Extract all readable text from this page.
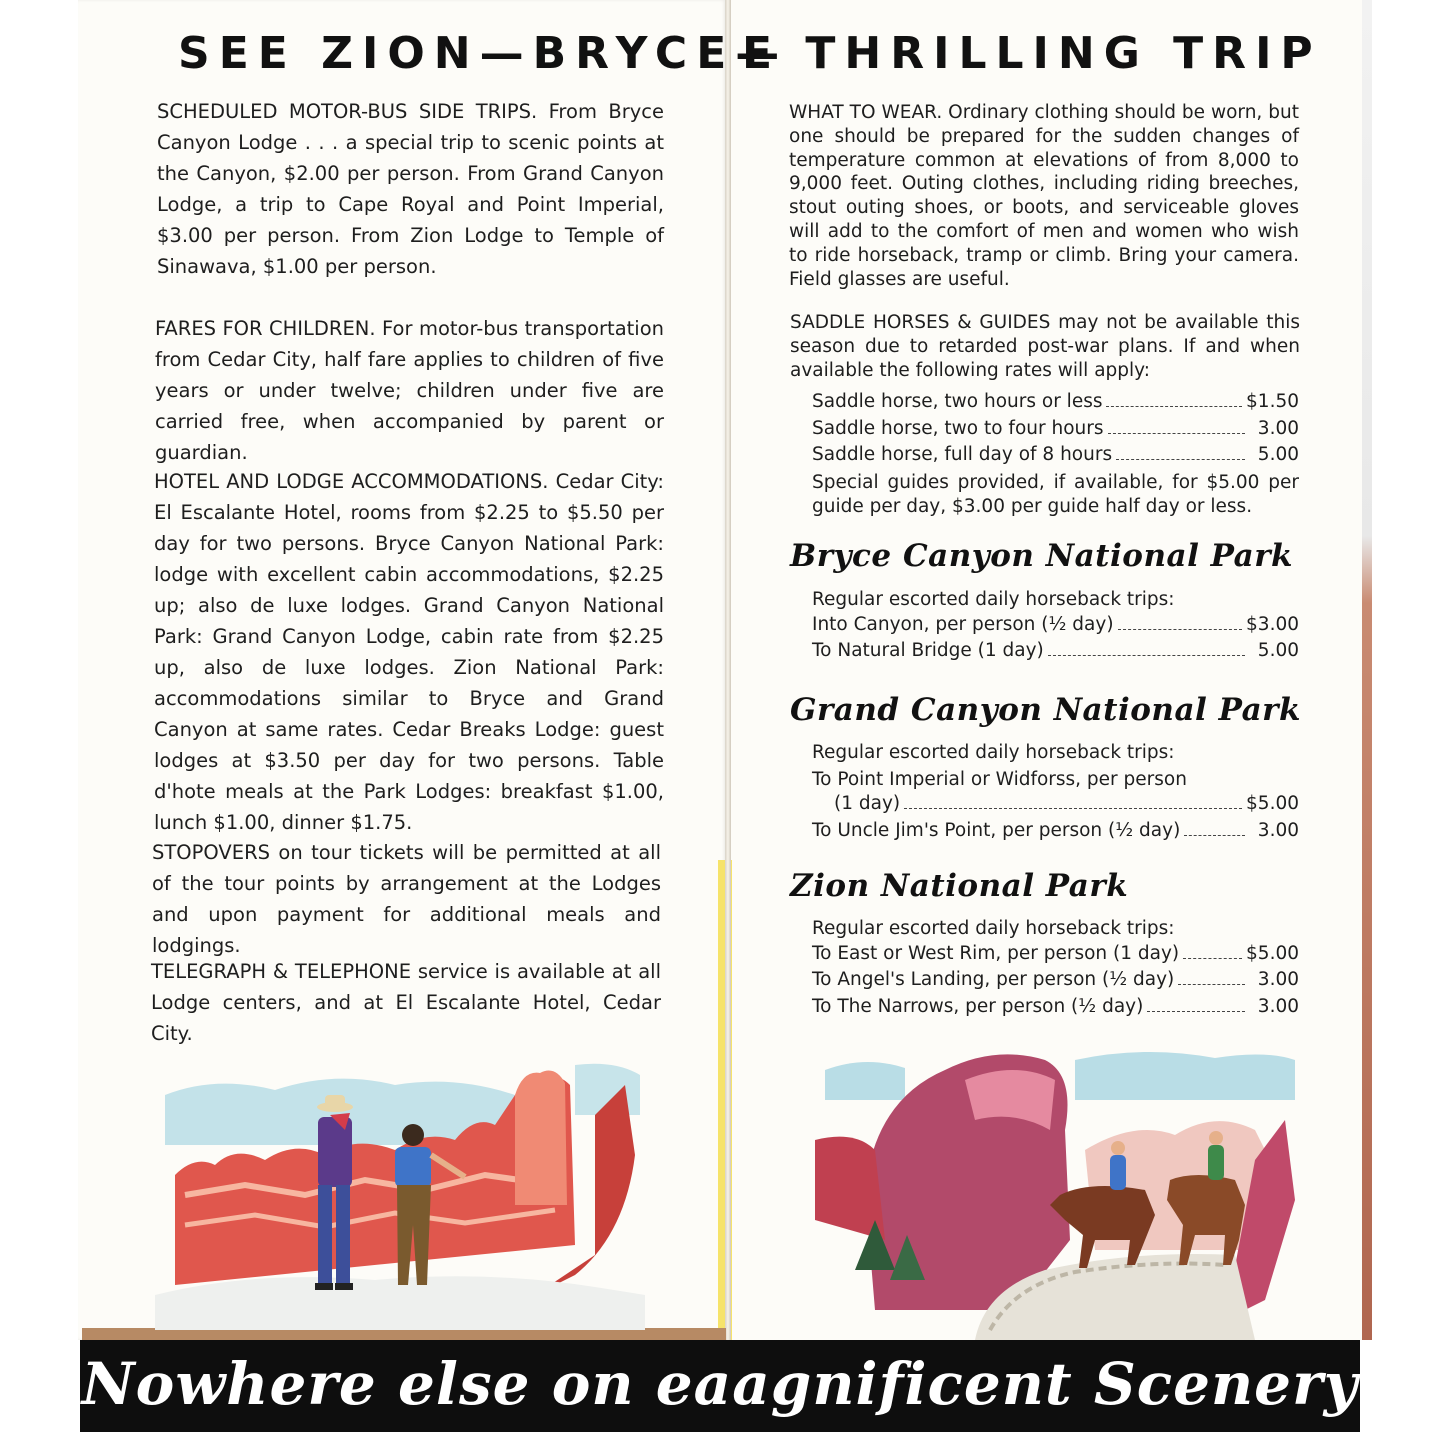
SEE ZION—BRYCE—
E THRILLING TRIP
SCHEDULED MOTOR-BUS SIDE TRIPS. From Bryce Canyon Lodge . . . a special trip to scenic points at the Canyon, $2.00 per person. From Grand Canyon Lodge, a trip to Cape Royal and Point Imperial, $3.00 per person. From Zion Lodge to Temple of Sinawava, $1.00 per person.
FARES FOR CHILDREN. For motor-bus transportation from Cedar City, half fare applies to children of five years or under twelve; children under five are carried free, when accompanied by parent or guardian.
HOTEL AND LODGE ACCOMMODATIONS. Cedar City: El Escalante Hotel, rooms from $2.25 to $5.50 per day for two persons. Bryce Canyon National Park: lodge with excellent cabin accommodations, $2.25 up; also de luxe lodges. Grand Canyon National Park: Grand Canyon Lodge, cabin rate from $2.25 up, also de luxe lodges. Zion National Park: accommodations similar to Bryce and Grand Canyon at same rates. Cedar Breaks Lodge: guest lodges at $3.50 per day for two persons. Table d'hote meals at the Park Lodges: breakfast $1.00, lunch $1.00, dinner $1.75.
STOPOVERS on tour tickets will be permitted at all of the tour points by arrangement at the Lodges and upon payment for additional meals and lodgings.
TELEGRAPH & TELEPHONE service is available at all Lodge centers, and at El Escalante Hotel, Cedar City.
WHAT TO WEAR. Ordinary clothing should be worn, but one should be prepared for the sudden changes of temperature common at elevations of from 8,000 to 9,000 feet. Outing clothes, including riding breeches, stout outing shoes, or boots, and serviceable gloves will add to the comfort of men and women who wish to ride horseback, tramp or climb. Bring your camera. Field glasses are useful.
SADDLE HORSES & GUIDES may not be available this season due to retarded post-war plans. If and when available the following rates will apply:
Saddle horse, two hours or less	$1.50
Saddle horse, two to four hours	3.00
Saddle horse, full day of 8 hours	5.00
Special guides provided, if available, for $5.00 per guide per day, $3.00 per guide half day or less.
Bryce Canyon National Park
Regular escorted daily horseback trips:
Into Canyon, per person (½ day)	$3.00
To Natural Bridge (1 day)	5.00
Grand Canyon National Park
Regular escorted daily horseback trips:
To Point Imperial or Widforss, per person
(1 day)	$5.00
To Uncle Jim's Point, per person (½ day)	3.00
Zion National Park
Regular escorted daily horseback trips:
To East or West Rim, per person (1 day)	$5.00
To Angel's Landing, per person (½ day)	3.00
To The Narrows, per person (½ day)	3.00
Nowhere else on eaagnificent Scenery
